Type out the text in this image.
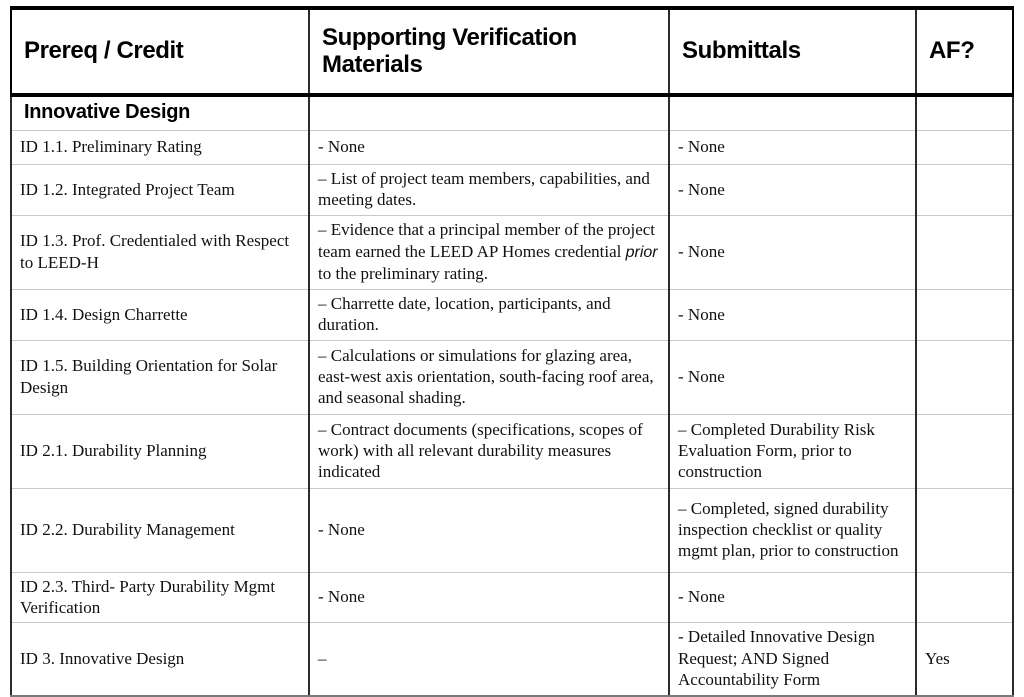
Prereq / Credit	Supporting Verification Materials	Submittals	AF?
Innovative Design			
ID 1.1. Preliminary Rating	- None	- None	
ID 1.2. Integrated Project Team	– List of project team members, capabilities, and meeting dates.	- None	
ID 1.3. Prof. Credentialed with Respect to LEED-H	– Evidence that a principal member of the project team earned the LEED AP Homes credential prior to the preliminary rating.	- None	
ID 1.4. Design Charrette	– Charrette date, location, participants, and duration.	- None	
ID 1.5. Building Orientation for Solar Design	– Calculations or simulations for glazing area, east-west axis orientation, south-facing roof area, and seasonal shading.	- None	
ID 2.1. Durability Planning	– Contract documents (specifications, scopes of work) with all relevant durability measures indicated	– Completed Durability Risk Evaluation Form, prior to construction	
ID 2.2. Durability Management	- None	– Completed, signed durability inspection checklist or quality mgmt plan, prior to construction	
ID 2.3. Third- Party Durability Mgmt Verification	- None	- None	
ID 3. Innovative Design	–	- Detailed Innovative Design Request; AND Signed Accountability Form	Yes
